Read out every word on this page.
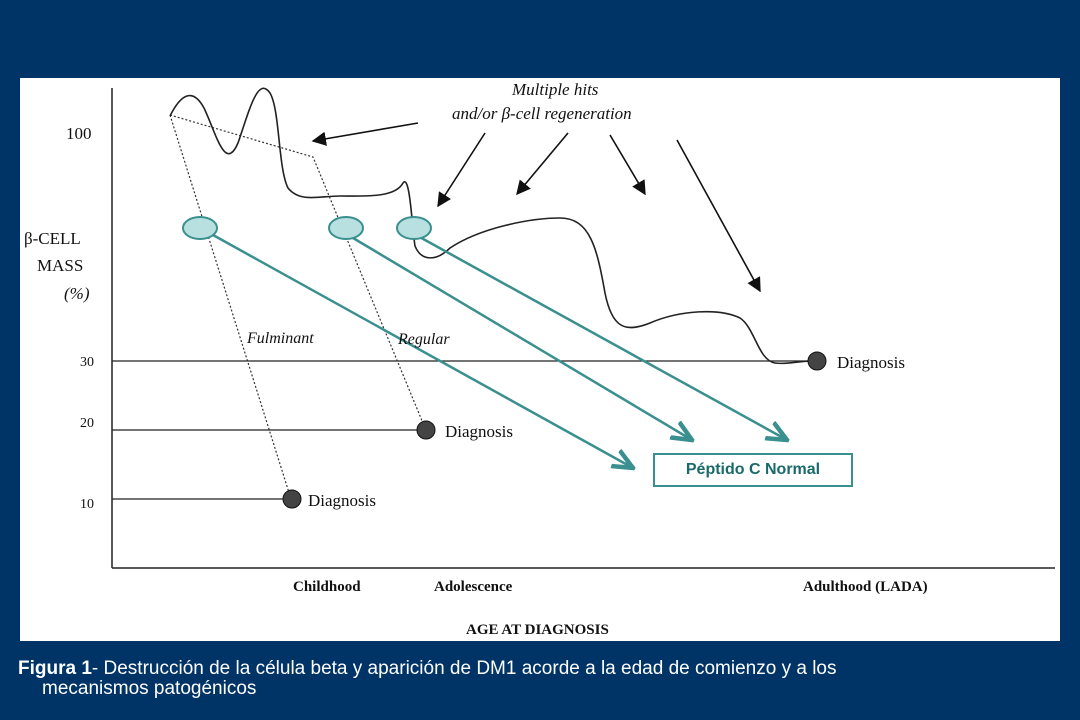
100
30
20
10
β-CELL
MASS
(%)
Multiple hits
and/or β-cell regeneration
Fulminant	Regular
Diagnosis
Diagnosis
Diagnosis
Childhood	Adolescence	Adulthood (LADA)
AGE AT DIAGNOSIS
Péptido C Normal
Figura 1- Destrucción de la célula beta y aparición de DM1 acorde a la edad de comienzo y a los
mecanismos patogénicos
